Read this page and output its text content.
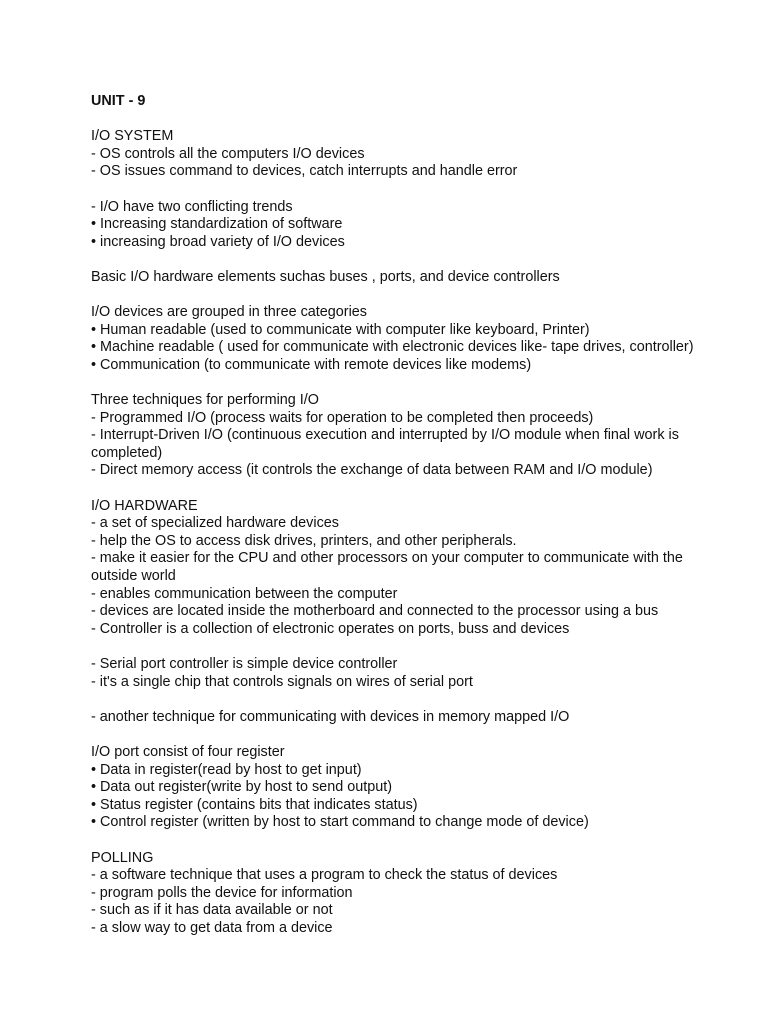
UNIT - 9
I/O SYSTEM
- OS controls all the computers I/O devices
- OS issues command to devices, catch interrupts and handle error
- I/O have two conflicting trends
• Increasing standardization of software
• increasing broad variety of I/O devices
Basic I/O hardware elements suchas buses , ports, and device controllers
I/O devices are grouped in three categories
• Human readable (used to communicate with computer like keyboard, Printer)
• Machine readable ( used for communicate with electronic devices like- tape drives, controller)
• Communication (to communicate with remote devices like modems)
Three techniques for performing I/O
- Programmed I/O (process waits for operation to be completed then proceeds)
- Interrupt-Driven I/O (continuous execution and interrupted by I/O module when final work is completed)
- Direct memory access (it controls the exchange of data between RAM and I/O module)
I/O HARDWARE
- a set of specialized hardware devices
- help the OS to access disk drives, printers, and other peripherals.
- make it easier for the CPU and other processors on your computer to communicate with the outside world
- enables communication between the computer
- devices are located inside the motherboard and connected to the processor using a bus
- Controller is a collection of electronic operates on ports, buss and devices
- Serial port controller is simple device controller
- it's a single chip that controls signals on wires of serial port
- another technique for communicating with devices in memory mapped I/O
I/O port consist of four register
• Data in register(read by host to get input)
• Data out register(write by host to send output)
• Status register (contains bits that indicates status)
• Control register (written by host to start command to change mode of device)
POLLING
- a software technique that uses a program to check the status of devices
- program polls the device for information
- such as if it has data available or not
- a slow way to get data from a device
